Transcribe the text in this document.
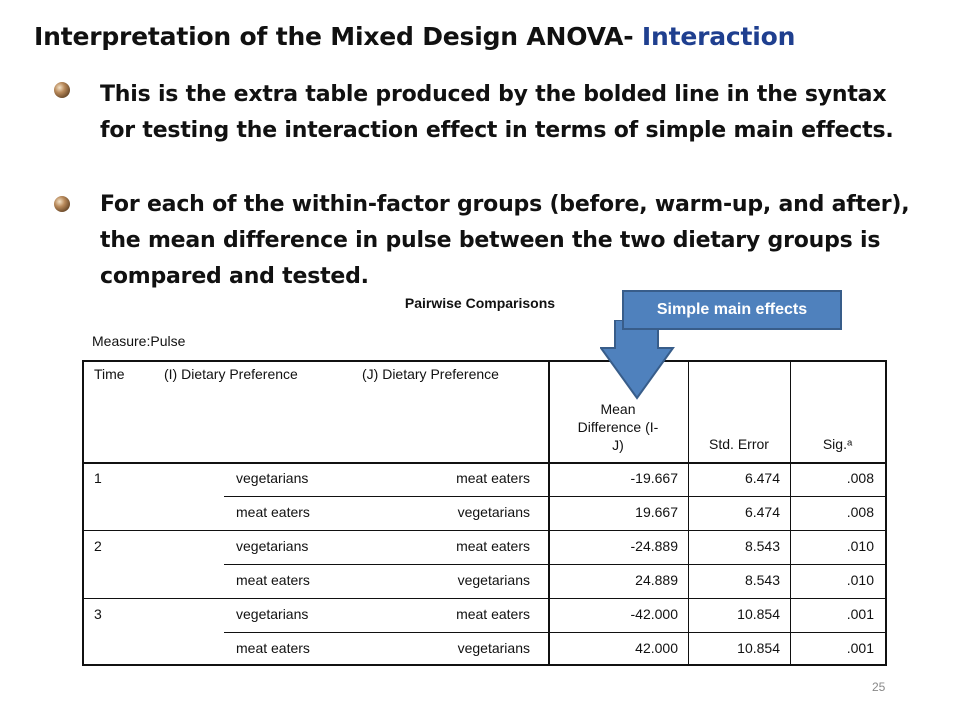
Interpretation of the Mixed Design ANOVA- Interaction
This is the extra table produced by the bolded line in the syntax for testing the interaction effect in terms of simple main effects.
For each of the within-factor groups (before, warm-up, and after), the mean difference in pulse between the two dietary groups is compared and tested.
Pairwise Comparisons
Measure:Pulse
Time	(I) Dietary Preference	(J) Dietary Preference
Mean
Difference (I-
J)	Std. Error	Sig.ᵃ
1	vegetarians	meat eaters	-19.667	6.474	.008
meat eaters	vegetarians	19.667	6.474	.008
2	vegetarians	meat eaters	-24.889	8.543	.010
meat eaters	vegetarians	24.889	8.543	.010
3	vegetarians	meat eaters	-42.000	10.854	.001
meat eaters	vegetarians	42.000	10.854	.001
Simple main effects
25
